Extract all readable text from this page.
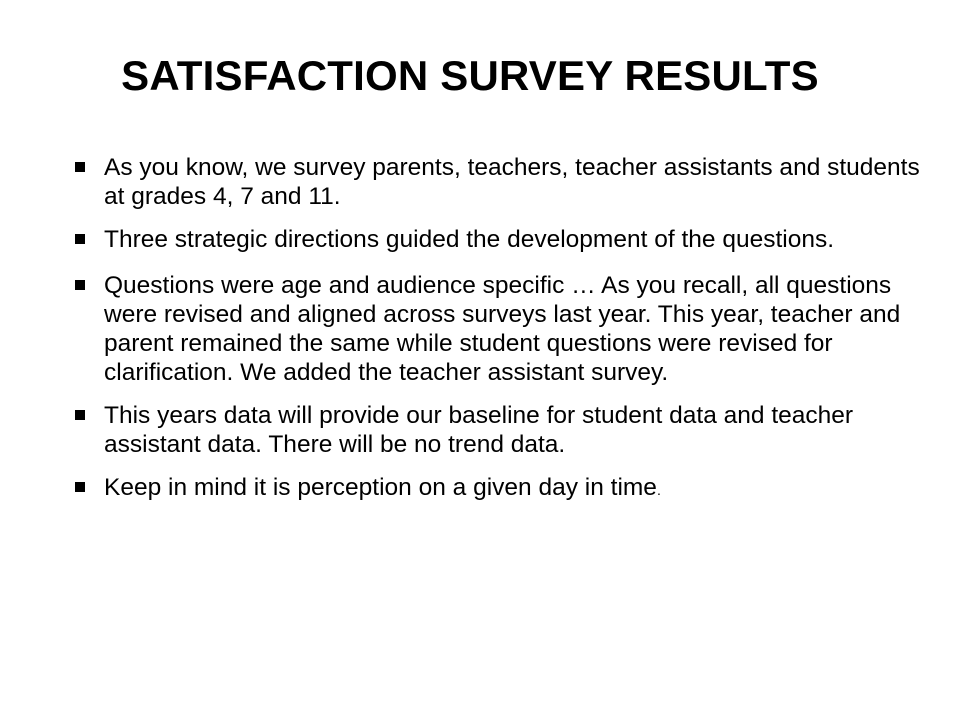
SATISFACTION SURVEY RESULTS
As you know, we survey parents, teachers, teacher assistants and students at grades 4, 7 and 11.
Three strategic directions guided the development of the questions.
Questions were age and audience specific … As you recall, all questions were revised and aligned across surveys last year. This year, teacher and parent remained the same while student questions were revised for clarification. We added the teacher assistant survey.
This years data will provide our baseline for student data and teacher assistant data. There will be no trend data.
Keep in mind it is perception on a given day in time.
